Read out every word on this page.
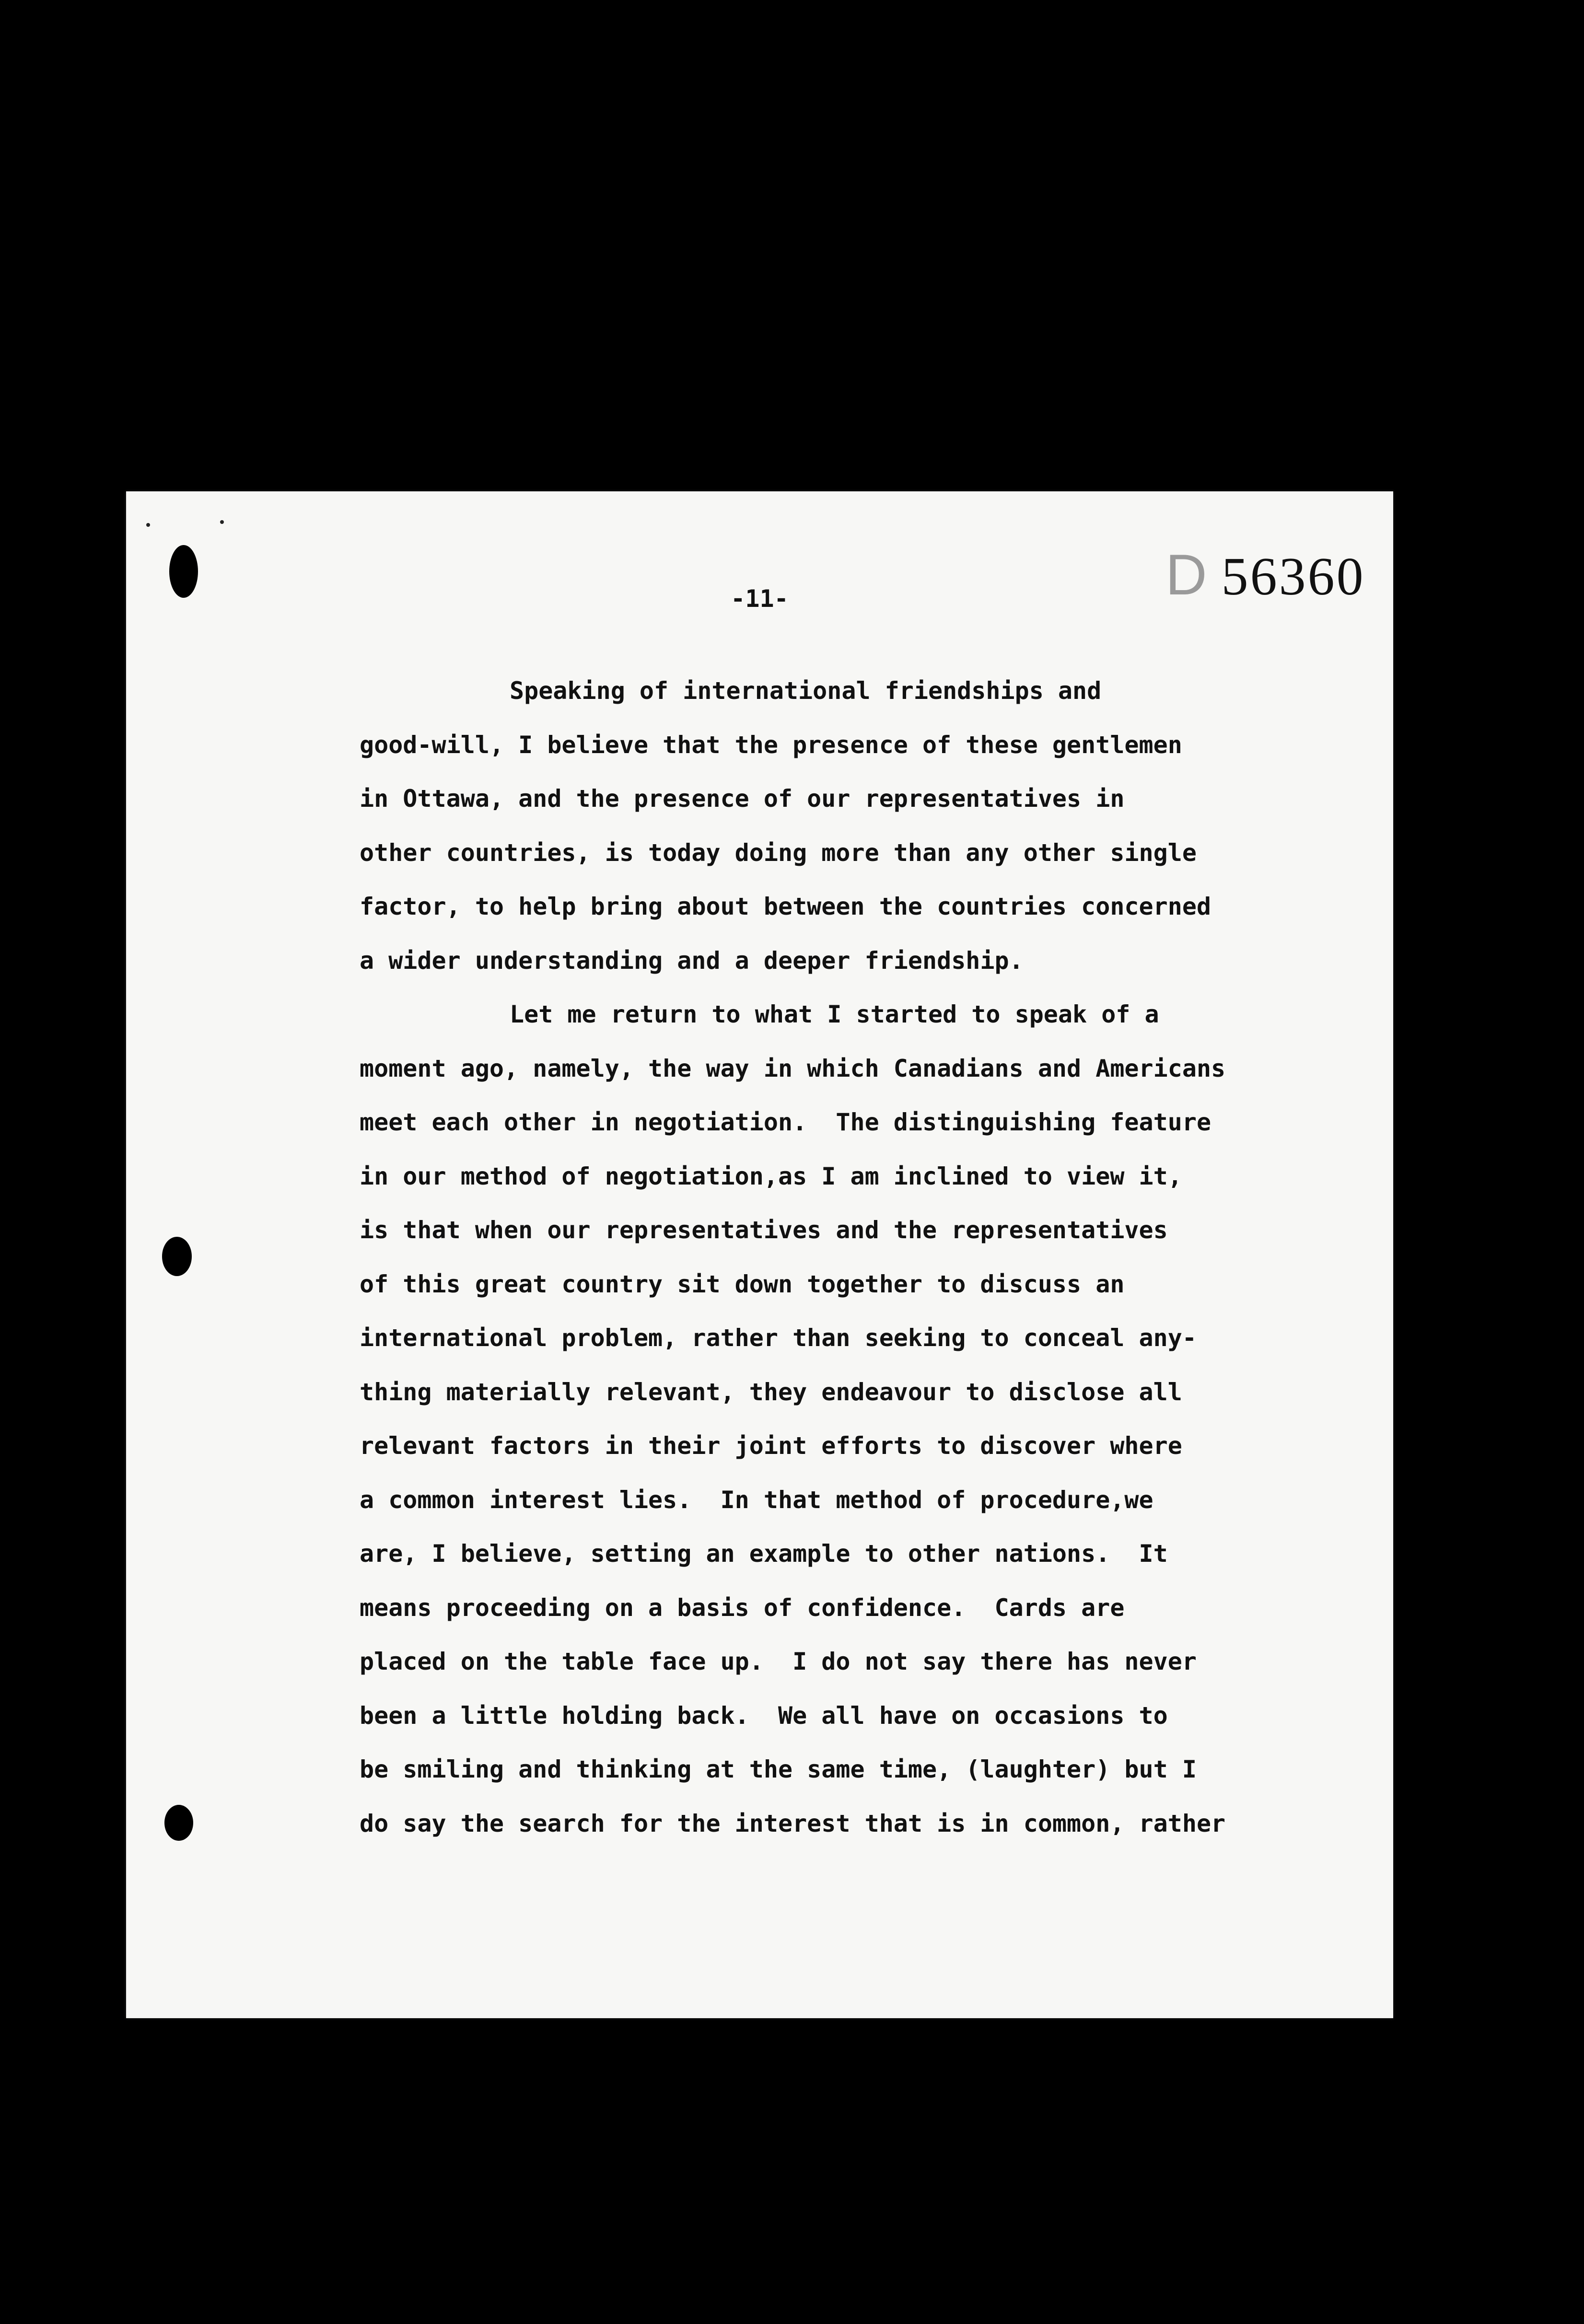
D 56360
-11-
Speaking of international friendships and
good-will, I believe that the presence of these gentlemen
in Ottawa, and the presence of our representatives in
other countries, is today doing more than any other single
factor, to help bring about between the countries concerned
a wider understanding and a deeper friendship.
Let me return to what I started to speak of a
moment ago, namely, the way in which Canadians and Americans
meet each other in negotiation.  The distinguishing feature
in our method of negotiation,as I am inclined to view it,
is that when our representatives and the representatives
of this great country sit down together to discuss an
international problem, rather than seeking to conceal any-
thing materially relevant, they endeavour to disclose all
relevant factors in their joint efforts to discover where
a common interest lies.  In that method of procedure,we
are, I believe, setting an example to other nations.  It
means proceeding on a basis of confidence.  Cards are
placed on the table face up.  I do not say there has never
been a little holding back.  We all have on occasions to
be smiling and thinking at the same time, (laughter) but I
do say the search for the interest that is in common, rather
